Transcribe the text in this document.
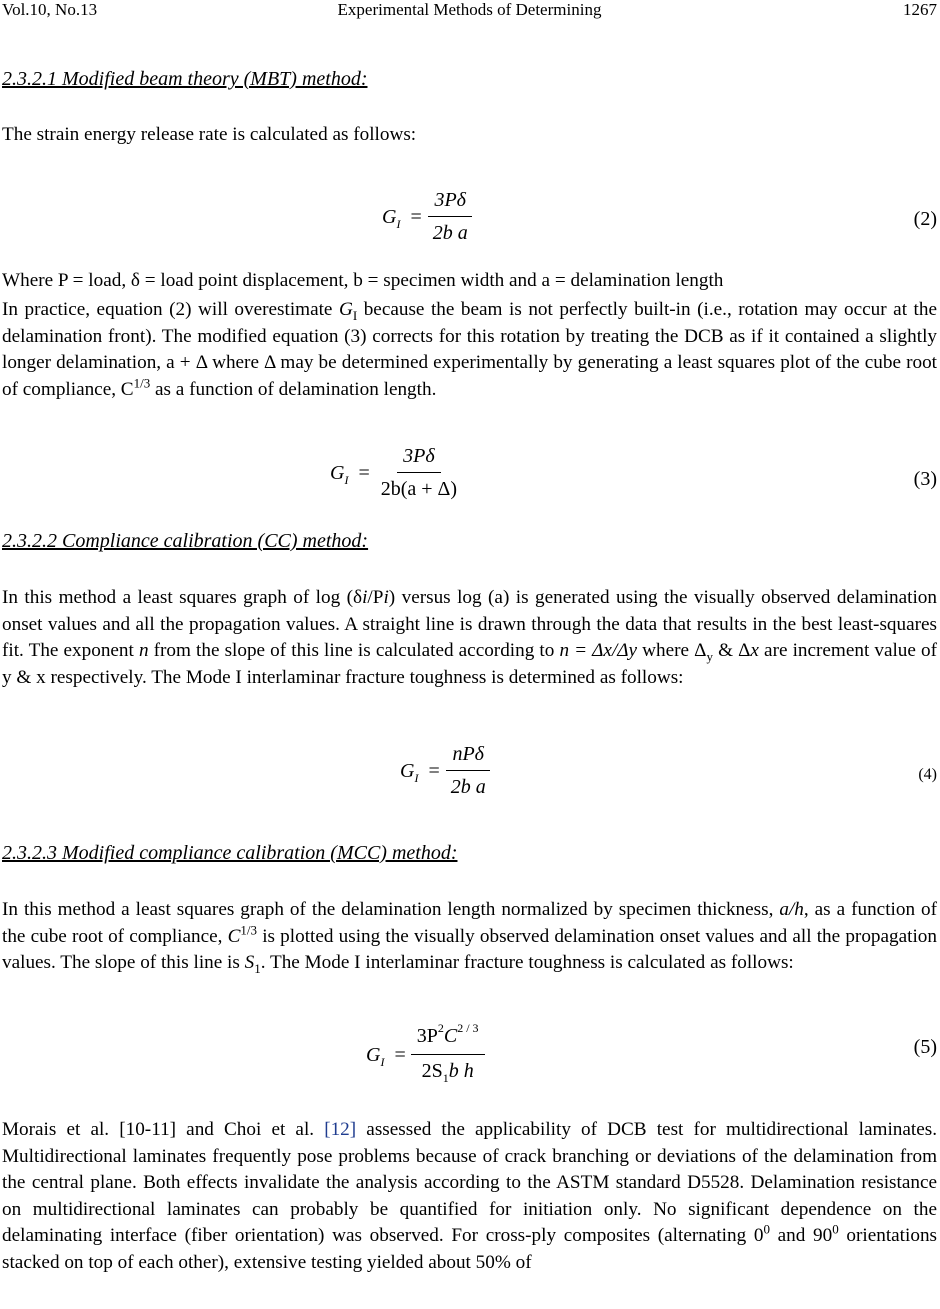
Vol.10, No.13	Experimental Methods of Determining	1267
2.3.2.1 Modified beam theory (MBT) method:
The strain energy release rate is calculated as follows:
$G_I = \frac{3P\delta}{\text{2b a}}$	(2)
Where P = load, δ = load point displacement, b = specimen width and a = delamination length
In practice, equation (2) will overestimate $G_I$ because the beam is not perfectly built-in (i.e., rotation may occur at the delamination front). The modified equation (3) corrects for this rotation by treating the DCB as if it contained a slightly longer delamination, a + Δ where Δ may be determined experimentally by generating a least squares plot of the cube root of compliance, $C^{1/3}$ as a function of delamination length.
$G_I = \frac{3P\delta}{2b(a + \Delta)}$	(3)
2.3.2.2 Compliance calibration (CC) method:
In this method a least squares graph of log (δi/Pi) versus log (a) is generated using the visually observed delamination onset values and all the propagation values. A straight line is drawn through the data that results in the best least-squares fit. The exponent n from the slope of this line is calculated according to n = Δx/Δy where $\Delta_y$ & Δx are increment value of y & x respectively. The Mode I interlaminar fracture toughness is determined as follows:
$G_I = \frac{\text{nPδ}}{\text{2b a}}$	(4)
2.3.2.3 Modified compliance calibration (MCC) method:
In this method a least squares graph of the delamination length normalized by specimen thickness, a/h, as a function of the cube root of compliance, $C^{1/3}$ is plotted using the visually observed delamination onset values and all the propagation values. The slope of this line is $S_1$. The Mode I interlaminar fracture toughness is calculated as follows:
$G_I = \frac{3P^2C^{2 / 3}}{2S_1b h}$	(5)
Morais et al. [10-11] and Choi et al. [12] assessed the applicability of DCB test for multidirectional laminates. Multidirectional laminates frequently pose problems because of crack branching or deviations of the delamination from the central plane. Both effects invalidate the analysis according to the ASTM standard D5528. Delamination resistance on multidirectional laminates can probably be quantified for initiation only. No significant dependence on the delaminating interface (fiber orientation) was observed. For cross-ply composites (alternating $0^0$ and $90^0$ orientations stacked on top of each other), extensive testing yielded about 50% of
